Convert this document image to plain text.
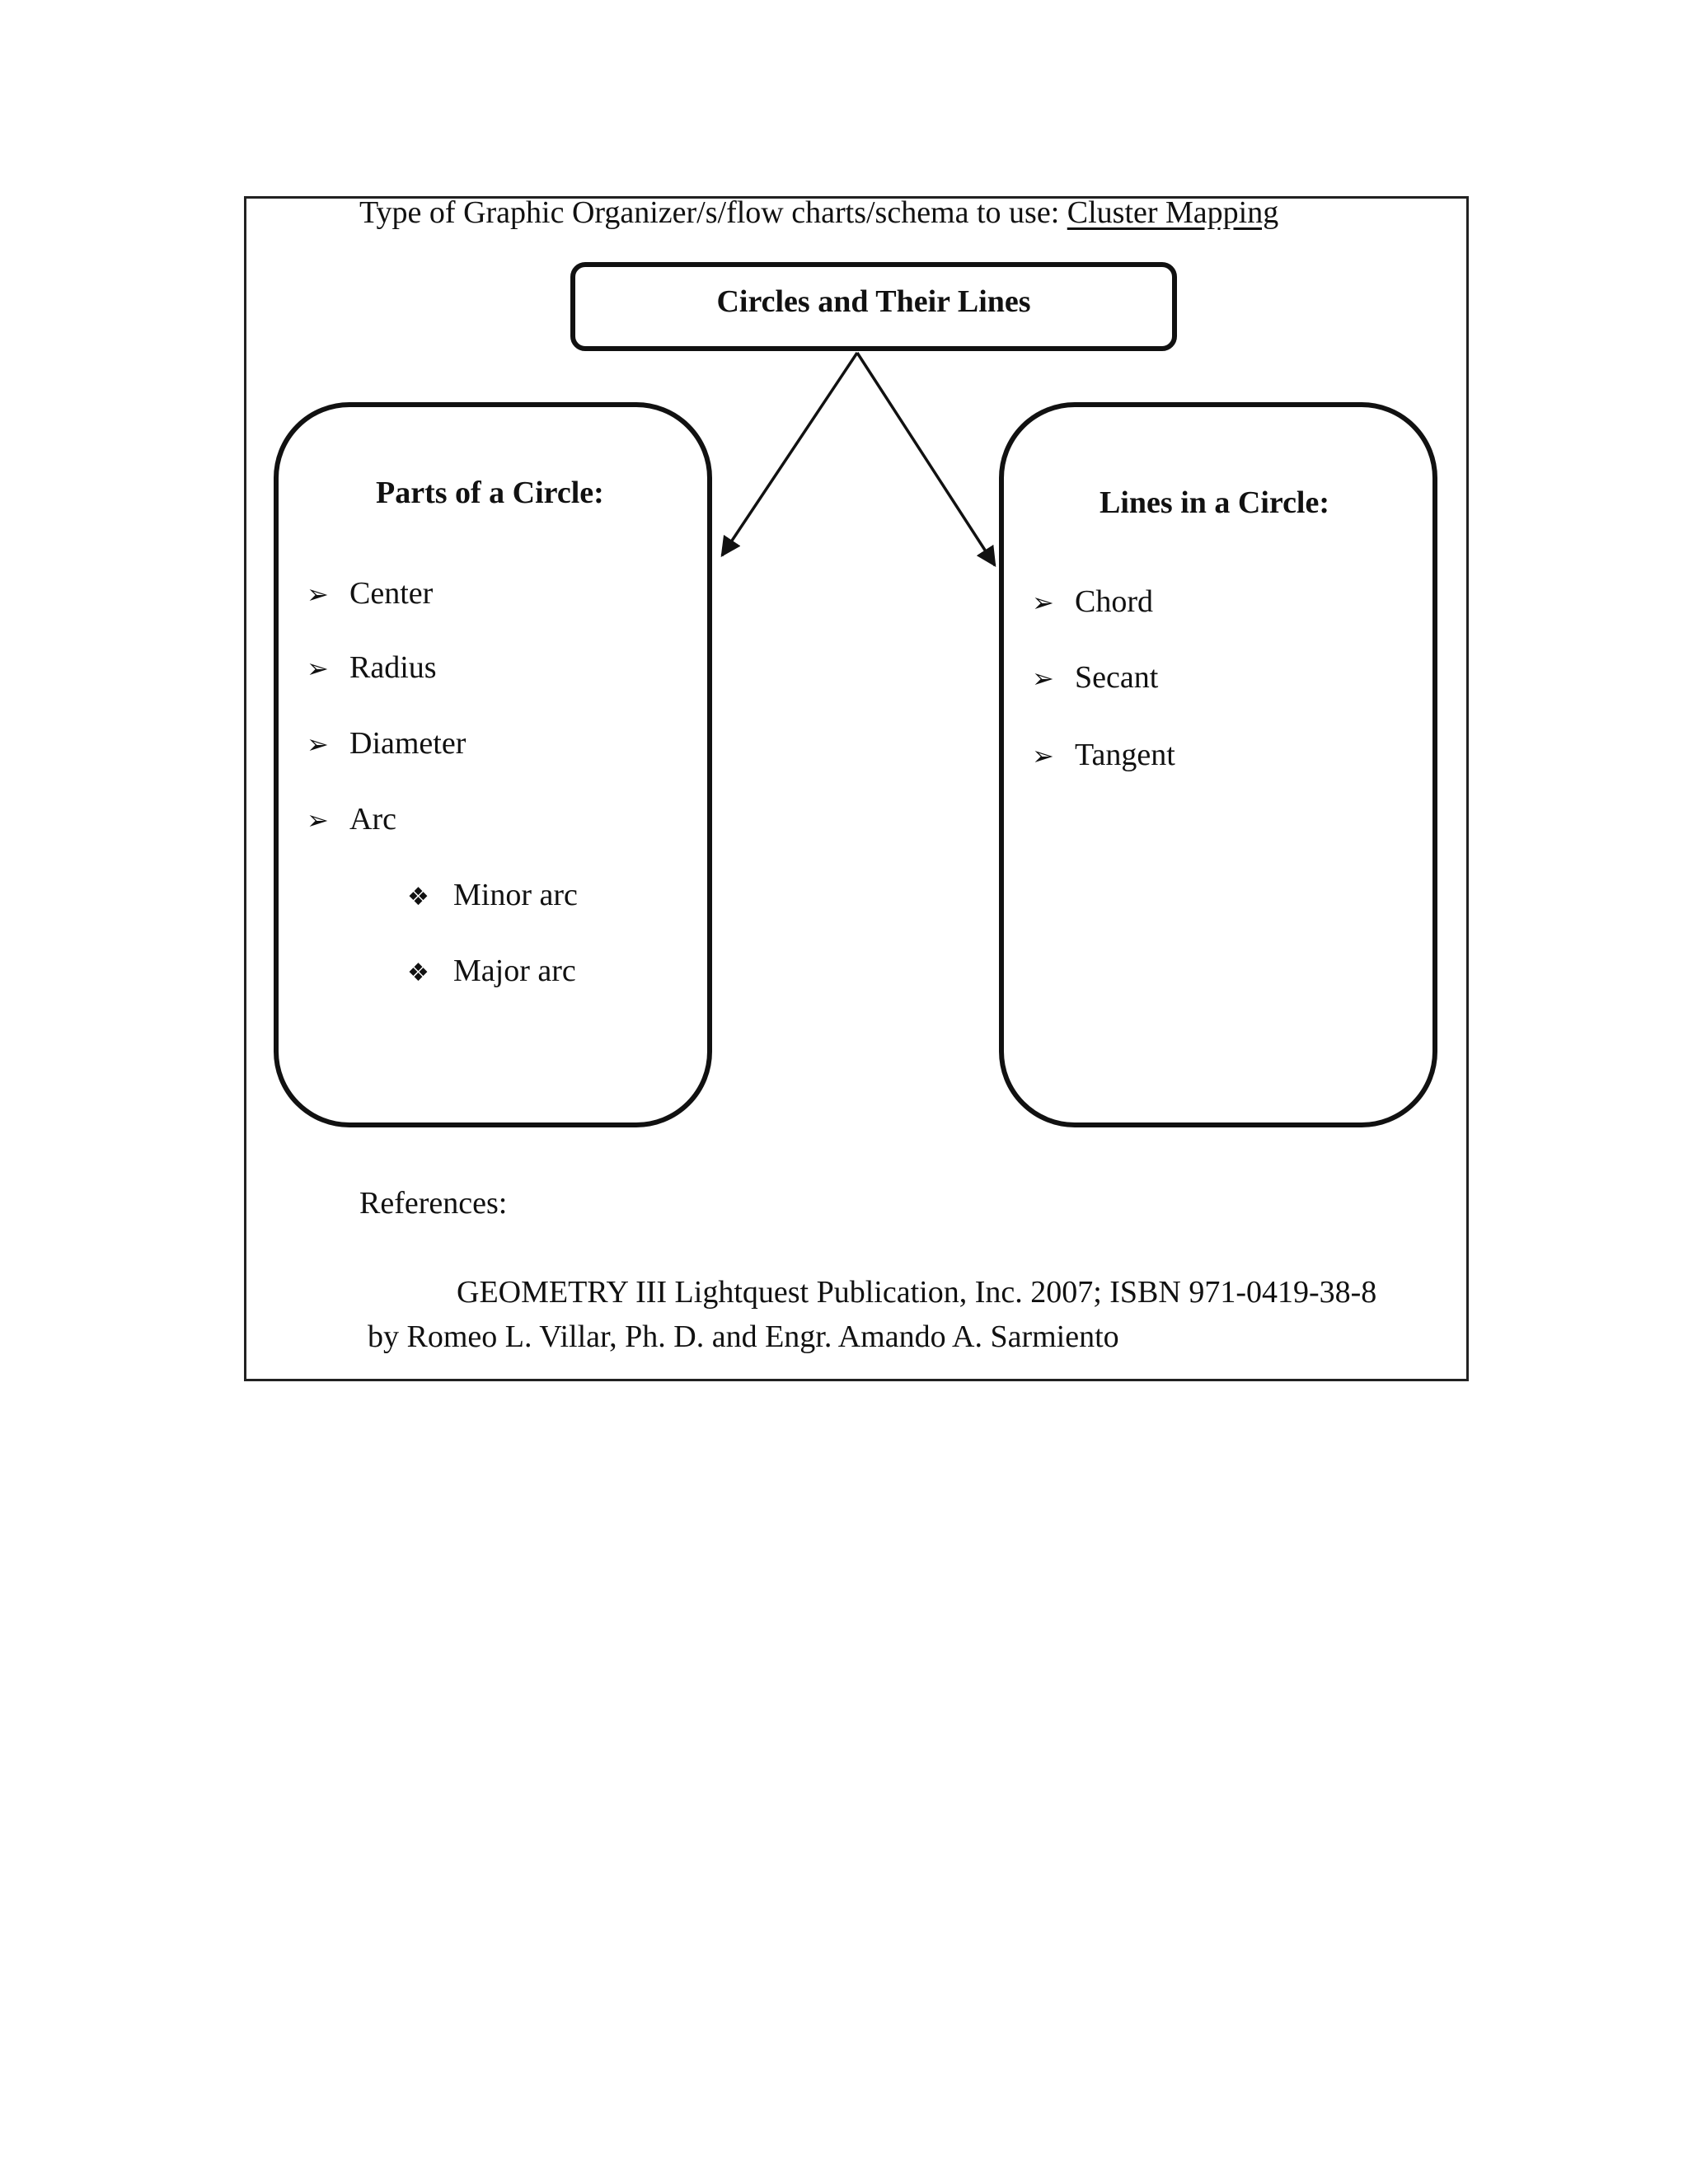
Type of Graphic Organizer/s/flow charts/schema to use: Cluster Mapping
Circles and Their Lines
Parts of a Circle:
➢ Center
➢ Radius
➢ Diameter
➢ Arc
❖ Minor arc
❖ Major arc
Lines in a Circle:
➢ Chord
➢ Secant
➢ Tangent
References:
GEOMETRY III Lightquest Publication, Inc. 2007; ISBN 971-0419-38-8
by Romeo L. Villar, Ph. D. and Engr. Amando A. Sarmiento
